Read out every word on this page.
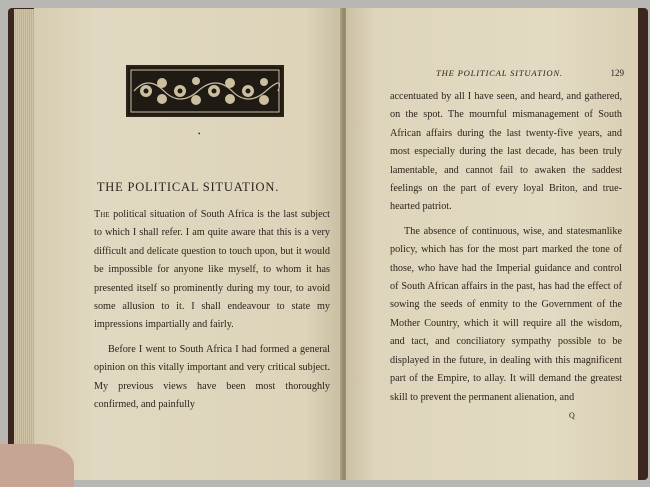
•
THE POLITICAL SITUATION.

The political situation of South Africa is the last subject to which I shall refer. I am quite aware that this is a very difficult and delicate question to touch upon, but it would be impossible for anyone like myself, to whom it has presented itself so prominently during my tour, to avoid some allusion to it. I shall endeavour to state my impressions impartially and fairly.

Before I went to South Africa I had formed a general opinion on this vitally important and very critical subject. My previous views have been most thoroughly confirmed, and painfully

THE POLITICAL SITUATION.	129

accentuated by all I have seen, and heard, and gathered, on the spot. The mournful mismanagement of South African affairs during the last twenty-five years, and most especially during the last decade, has been truly lamentable, and cannot fail to awaken the saddest feelings on the part of every loyal Briton, and true-hearted patriot.

The absence of continuous, wise, and statesmanlike policy, which has for the most part marked the tone of those, who have had the Imperial guidance and control of South African affairs in the past, has had the effect of sowing the seeds of enmity to the Government of the Mother Country, which it will require all the wisdom, and tact, and conciliatory sympathy possible to be displayed in the future, in dealing with this magnificent part of the Empire, to allay. It will demand the greatest skill to prevent the permanent alienation, and

Q
